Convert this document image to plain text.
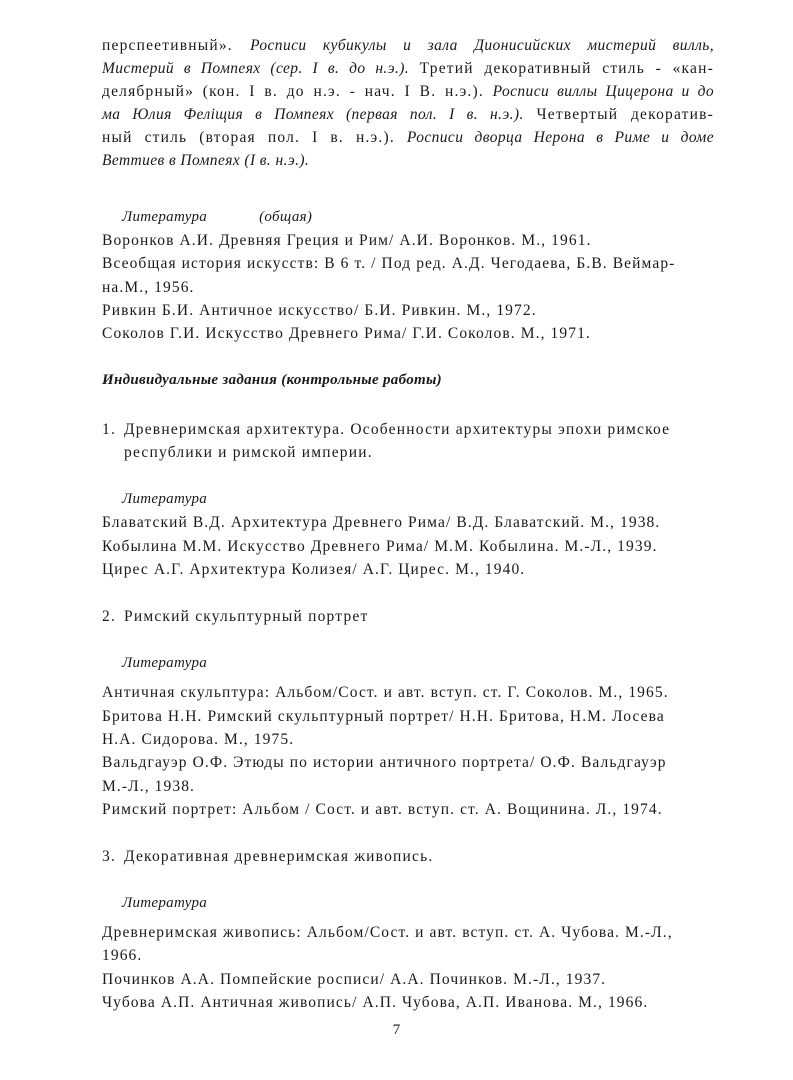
перспеетивный». Росписи кубикулы и зала Дионисийских мистерий вилль,

Мистерий в Помпеях (сер. I в. до н.э.). Третий декоративный стиль - «кан-

делябрный» (кон. I в. до н.э. - нач. I В. н.э.). Росписи виллы Цицерона и до

ма Юлия Феліщия в Помпеях (первая пол. I в. н.э.). Четвертый декоратив-

ный стиль (вторая пол. I в. н.э.). Росписи дворца Нерона в Риме и доме

Веттиев в Помпеях (I в. н.э.).

Литература	(общая)

Воронков А.И. Древняя Греция и Рим/ А.И. Воронков. М., 1961.

Всеобщая история искусств: В 6 т. / Под ред. А.Д. Чегодаева, Б.В. Веймар-

на.М., 1956.

Ривкин Б.И. Античное искусство/ Б.И. Ривкин. М., 1972.

Соколов Г.И. Искусство Древнего Рима/ Г.И. Соколов. М., 1971.

Индивидуальные задания (контрольные работы)

1. Древнеримская архитектура. Особенности архитектуры эпохи римское
республики и римской империи.

Литература

Блаватский В.Д. Архитектура Древнего Рима/ В.Д. Блаватский. М., 1938.

Кобылина М.М. Искусство Древнего Рима/ М.М. Кобылина. М.-Л., 1939.

Цирес А.Г. Архитектура Колизея/ А.Г. Цирес. М., 1940.

2. Римский скульптурный портрет

Литература

Античная скульптура: Альбом/Сост. и авт. вступ. ст. Г. Соколов. М., 1965.

Бритова Н.Н. Римский скульптурный портрет/ Н.Н. Бритова, Н.М. Лосева

Н.А. Сидорова. М., 1975.

Вальдгауэр О.Ф. Этюды по истории античного портрета/ О.Ф. Вальдгауэр

М.-Л., 1938.

Римский портрет: Альбом / Сост. и авт. вступ. ст. А. Вощинина. Л., 1974.

3. Декоративная древнеримская живопись.

Литература

Древнеримская живопись: Альбом/Сост. и авт. вступ. ст. А. Чубова. М.-Л.,

1966.

Починков А.А. Помпейские росписи/ А.А. Починков. М.-Л., 1937.

Чубова А.П. Античная живопись/ А.П. Чубова, А.П. Иванова. М., 1966.

7
